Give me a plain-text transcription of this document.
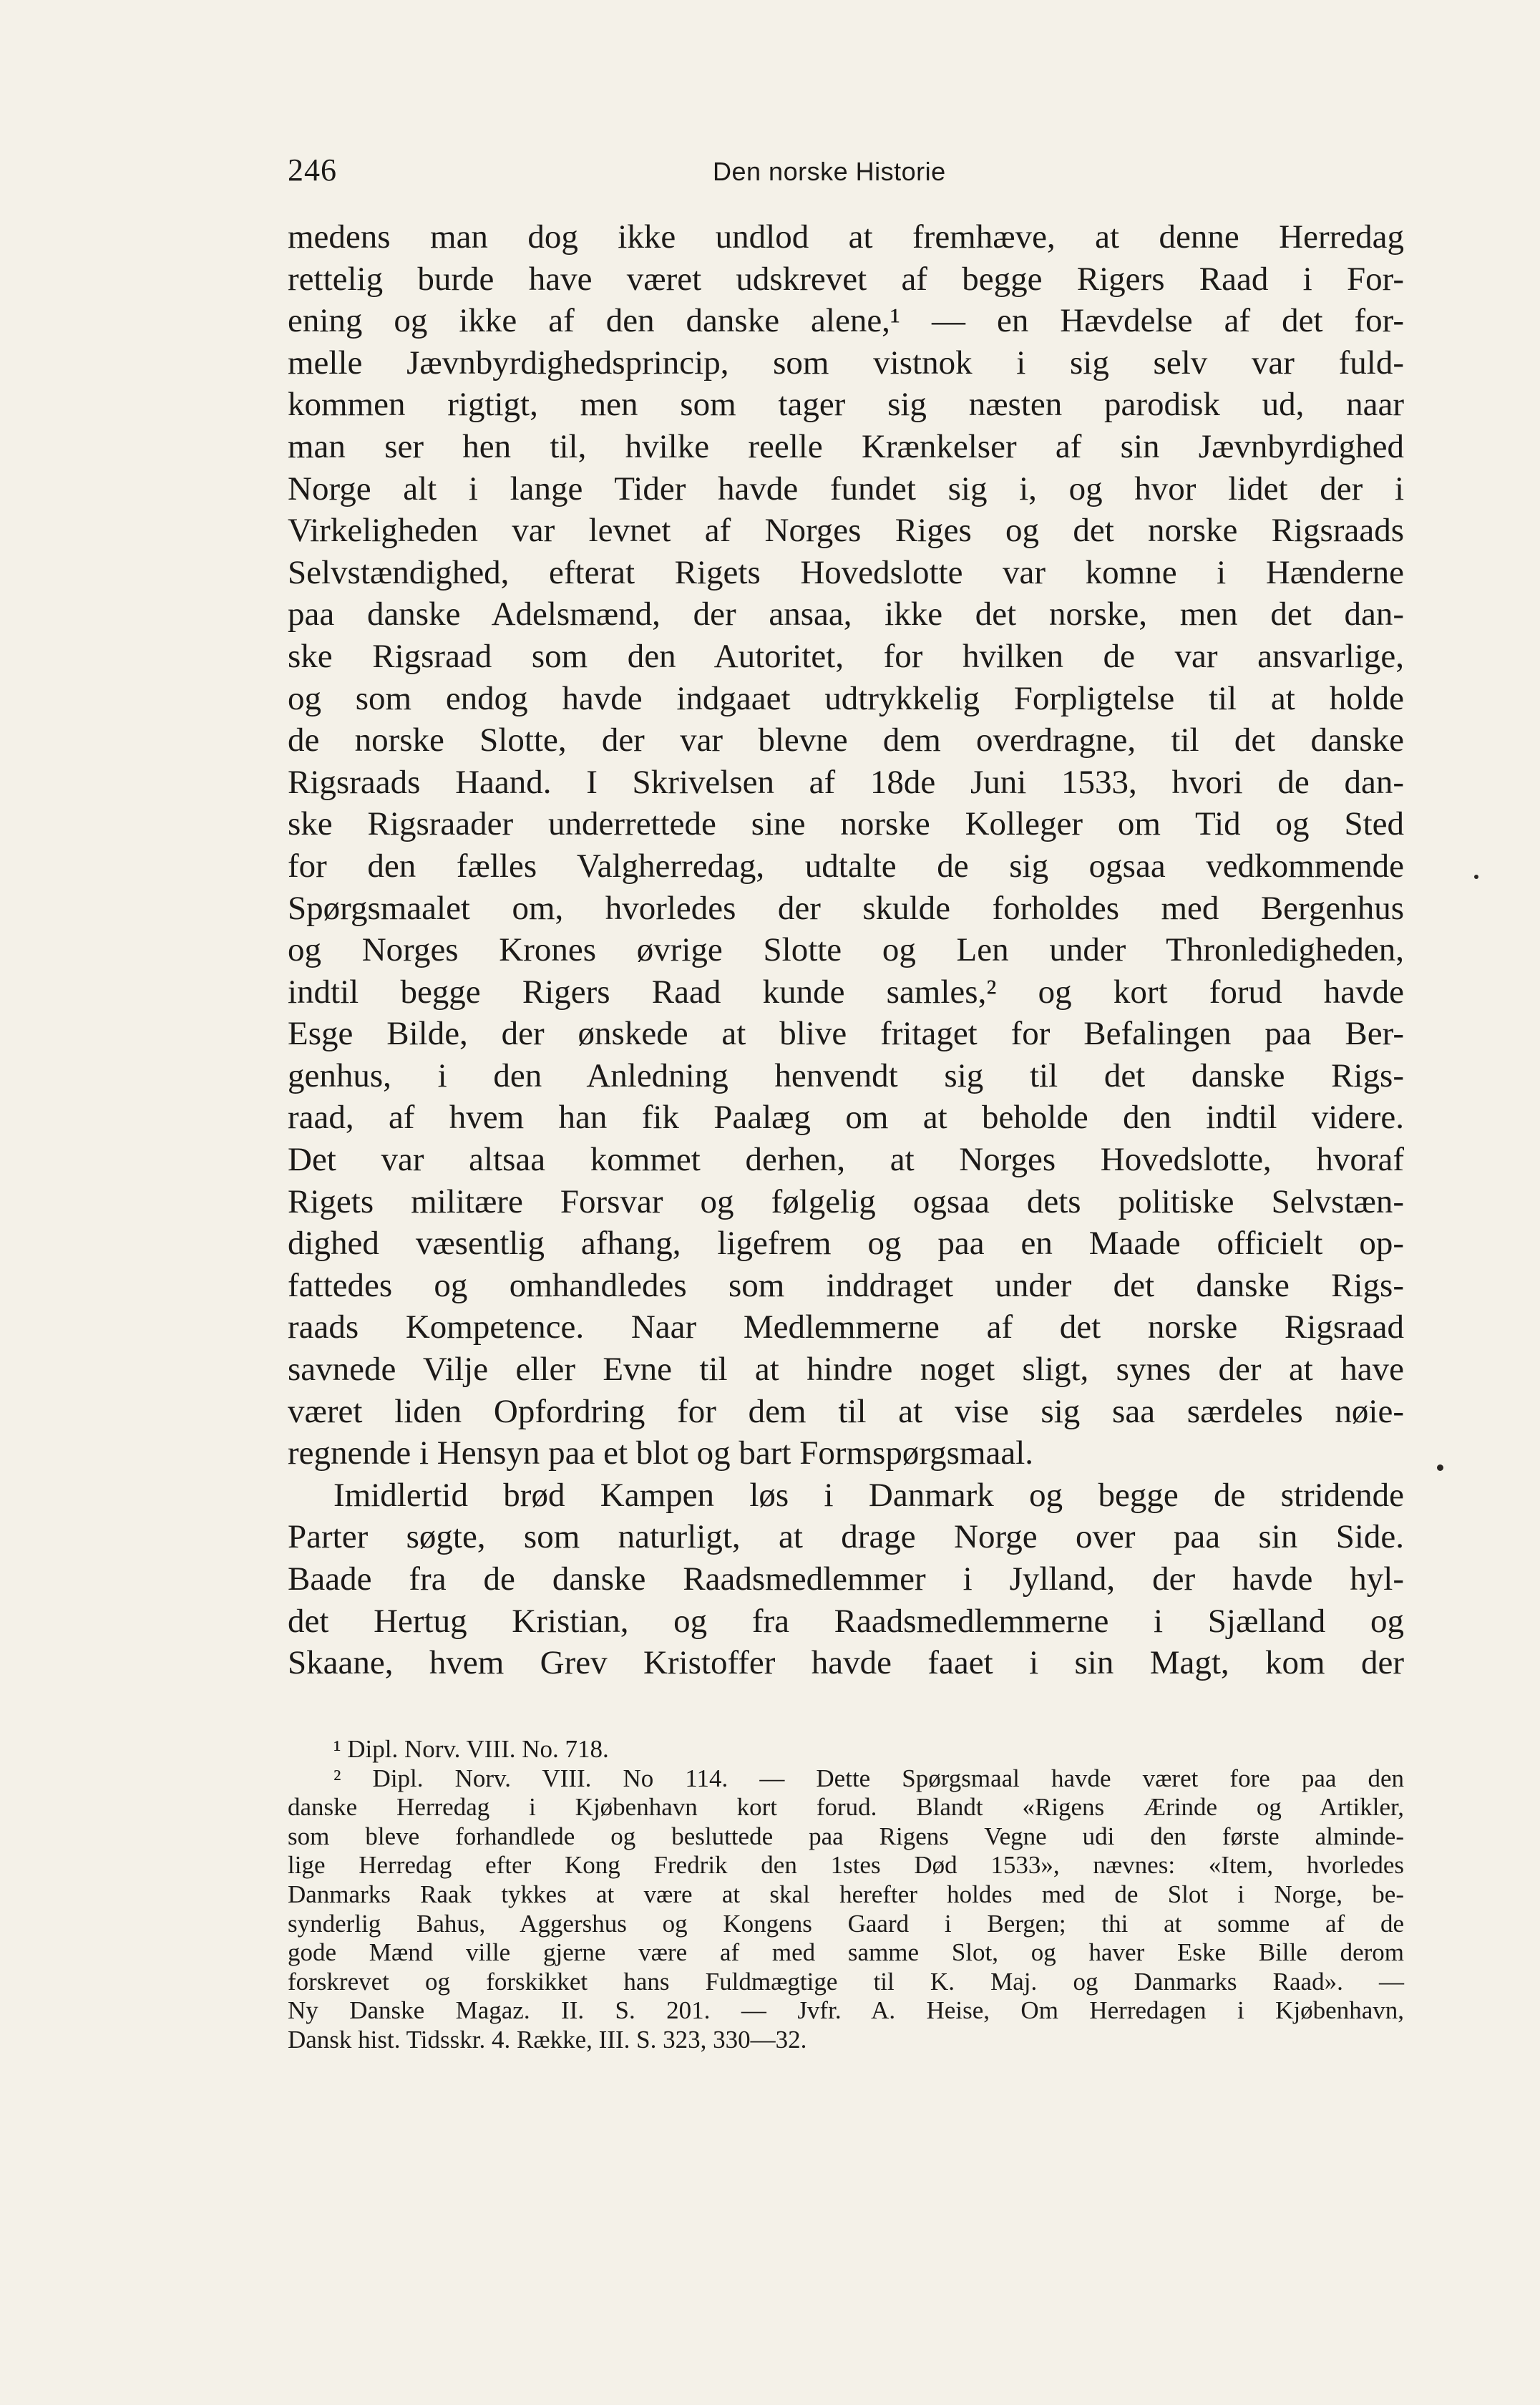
246	Den norske Historie
medens man dog ikke undlod at fremhæve, at denne Herredag
rettelig burde have været udskrevet af begge Rigers Raad i For-
ening og ikke af den danske alene,¹ — en Hævdelse af det for-
melle Jævnbyrdighedsprincip, som vistnok i sig selv var fuld-
kommen rigtigt, men som tager sig næsten parodisk ud, naar
man ser hen til, hvilke reelle Krænkelser af sin Jævnbyrdighed
Norge alt i lange Tider havde fundet sig i, og hvor lidet der i
Virkeligheden var levnet af Norges Riges og det norske Rigsraads
Selvstændighed, efterat Rigets Hovedslotte var komne i Hænderne
paa danske Adelsmænd, der ansaa, ikke det norske, men det dan-
ske Rigsraad som den Autoritet, for hvilken de var ansvarlige,
og som endog havde indgaaet udtrykkelig Forpligtelse til at holde
de norske Slotte, der var blevne dem overdragne, til det danske
Rigsraads Haand. I Skrivelsen af 18de Juni 1533, hvori de dan-
ske Rigsraader underrettede sine norske Kolleger om Tid og Sted
for den fælles Valgherredag, udtalte de sig ogsaa vedkommende
Spørgsmaalet om, hvorledes der skulde forholdes med Bergenhus
og Norges Krones øvrige Slotte og Len under Thronledigheden,
indtil begge Rigers Raad kunde samles,² og kort forud havde
Esge Bilde, der ønskede at blive fritaget for Befalingen paa Ber-
genhus, i den Anledning henvendt sig til det danske Rigs-
raad, af hvem han fik Paalæg om at beholde den indtil videre.
Det var altsaa kommet derhen, at Norges Hovedslotte, hvoraf
Rigets militære Forsvar og følgelig ogsaa dets politiske Selvstæn-
dighed væsentlig afhang, ligefrem og paa en Maade officielt op-
fattedes og omhandledes som inddraget under det danske Rigs-
raads Kompetence. Naar Medlemmerne af det norske Rigsraad
savnede Vilje eller Evne til at hindre noget sligt, synes der at have
været liden Opfordring for dem til at vise sig saa særdeles nøie-
regnende i Hensyn paa et blot og bart Formspørgsmaal.
Imidlertid brød Kampen løs i Danmark og begge de stridende
Parter søgte, som naturligt, at drage Norge over paa sin Side.
Baade fra de danske Raadsmedlemmer i Jylland, der havde hyl-
det Hertug Kristian, og fra Raadsmedlemmerne i Sjælland og
Skaane, hvem Grev Kristoffer havde faaet i sin Magt, kom der
¹ Dipl. Norv. VIII. No. 718.
² Dipl. Norv. VIII. No 114. — Dette Spørgsmaal havde været fore paa den
danske Herredag i Kjøbenhavn kort forud. Blandt «Rigens Ærinde og Artikler,
som bleve forhandlede og besluttede paa Rigens Vegne udi den første alminde-
lige Herredag efter Kong Fredrik den 1stes Død 1533», nævnes: «Item, hvorledes
Danmarks Raak tykkes at være at skal herefter holdes med de Slot i Norge, be-
synderlig Bahus, Aggershus og Kongens Gaard i Bergen; thi at somme af de
gode Mænd ville gjerne være af med samme Slot, og haver Eske Bille derom
forskrevet og forskikket hans Fuldmægtige til K. Maj. og Danmarks Raad». —
Ny Danske Magaz. II. S. 201. — Jvfr. A. Heise, Om Herredagen i Kjøbenhavn,
Dansk hist. Tidsskr. 4. Række, III. S. 323, 330—32.
